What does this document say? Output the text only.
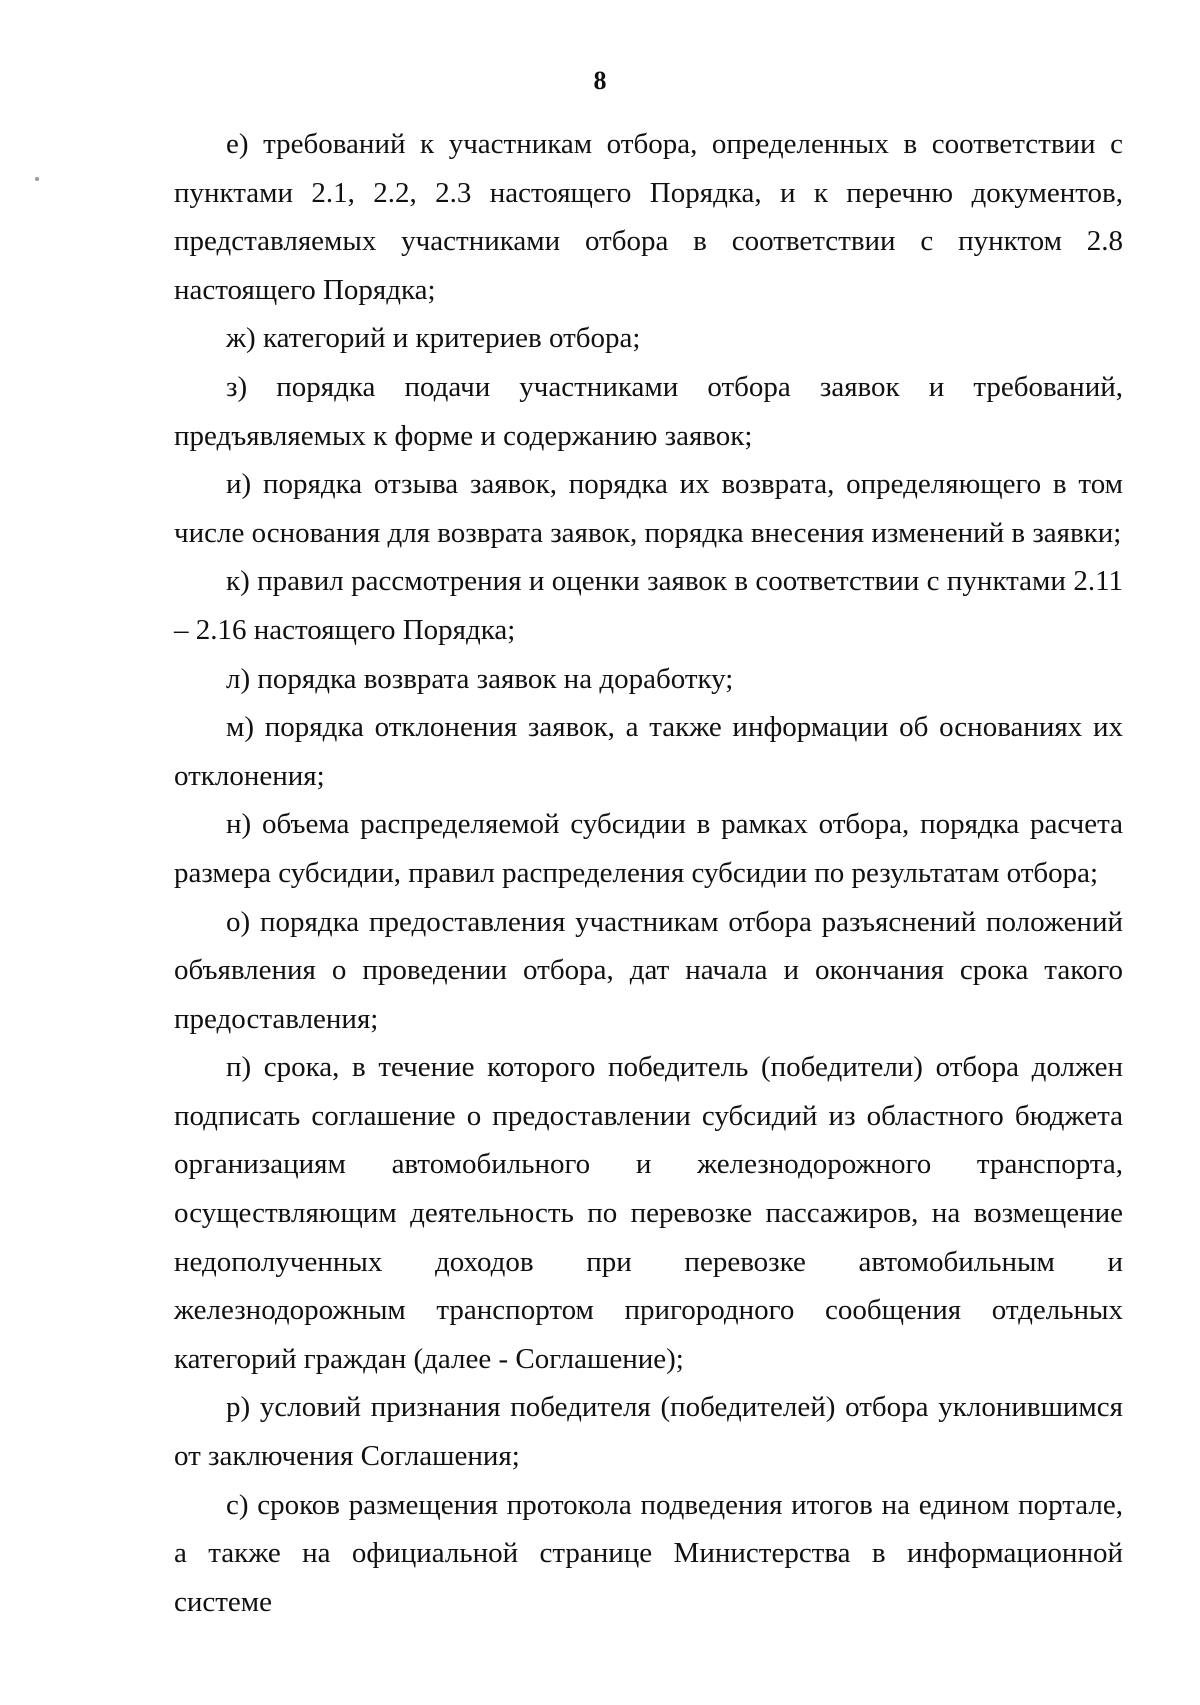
8

е) требований к участникам отбора, определенных в соответствии с пунктами 2.1, 2.2, 2.3 настоящего Порядка, и к перечню документов, представляемых участниками отбора в соответствии с пунктом 2.8 настоящего Порядка;

ж) категорий и критериев отбора;

з) порядка подачи участниками отбора заявок и требований, предъявляемых к форме и содержанию заявок;

и) порядка отзыва заявок, порядка их возврата, определяющего в том числе основания для возврата заявок, порядка внесения изменений в заявки;

к) правил рассмотрения и оценки заявок в соответствии с пунктами 2.11 – 2.16 настоящего Порядка;

л) порядка возврата заявок на доработку;

м) порядка отклонения заявок, а также информации об основаниях их отклонения;

н) объема распределяемой субсидии в рамках отбора, порядка расчета размера субсидии, правил распределения субсидии по результатам отбора;

о) порядка предоставления участникам отбора разъяснений положений объявления о проведении отбора, дат начала и окончания срока такого предоставления;

п) срока, в течение которого победитель (победители) отбора должен подписать соглашение о предоставлении субсидий из областного бюджета организациям автомобильного и железнодорожного транспорта, осуществляющим деятельность по перевозке пассажиров, на возмещение недополученных доходов при перевозке автомобильным и железнодорожным транспортом пригородного сообщения отдельных категорий граждан (далее - Соглашение);

р) условий признания победителя (победителей) отбора уклонившимся от заключения Соглашения;

с) сроков размещения протокола подведения итогов на едином портале, а также на официальной странице Министерства в информационной системе
